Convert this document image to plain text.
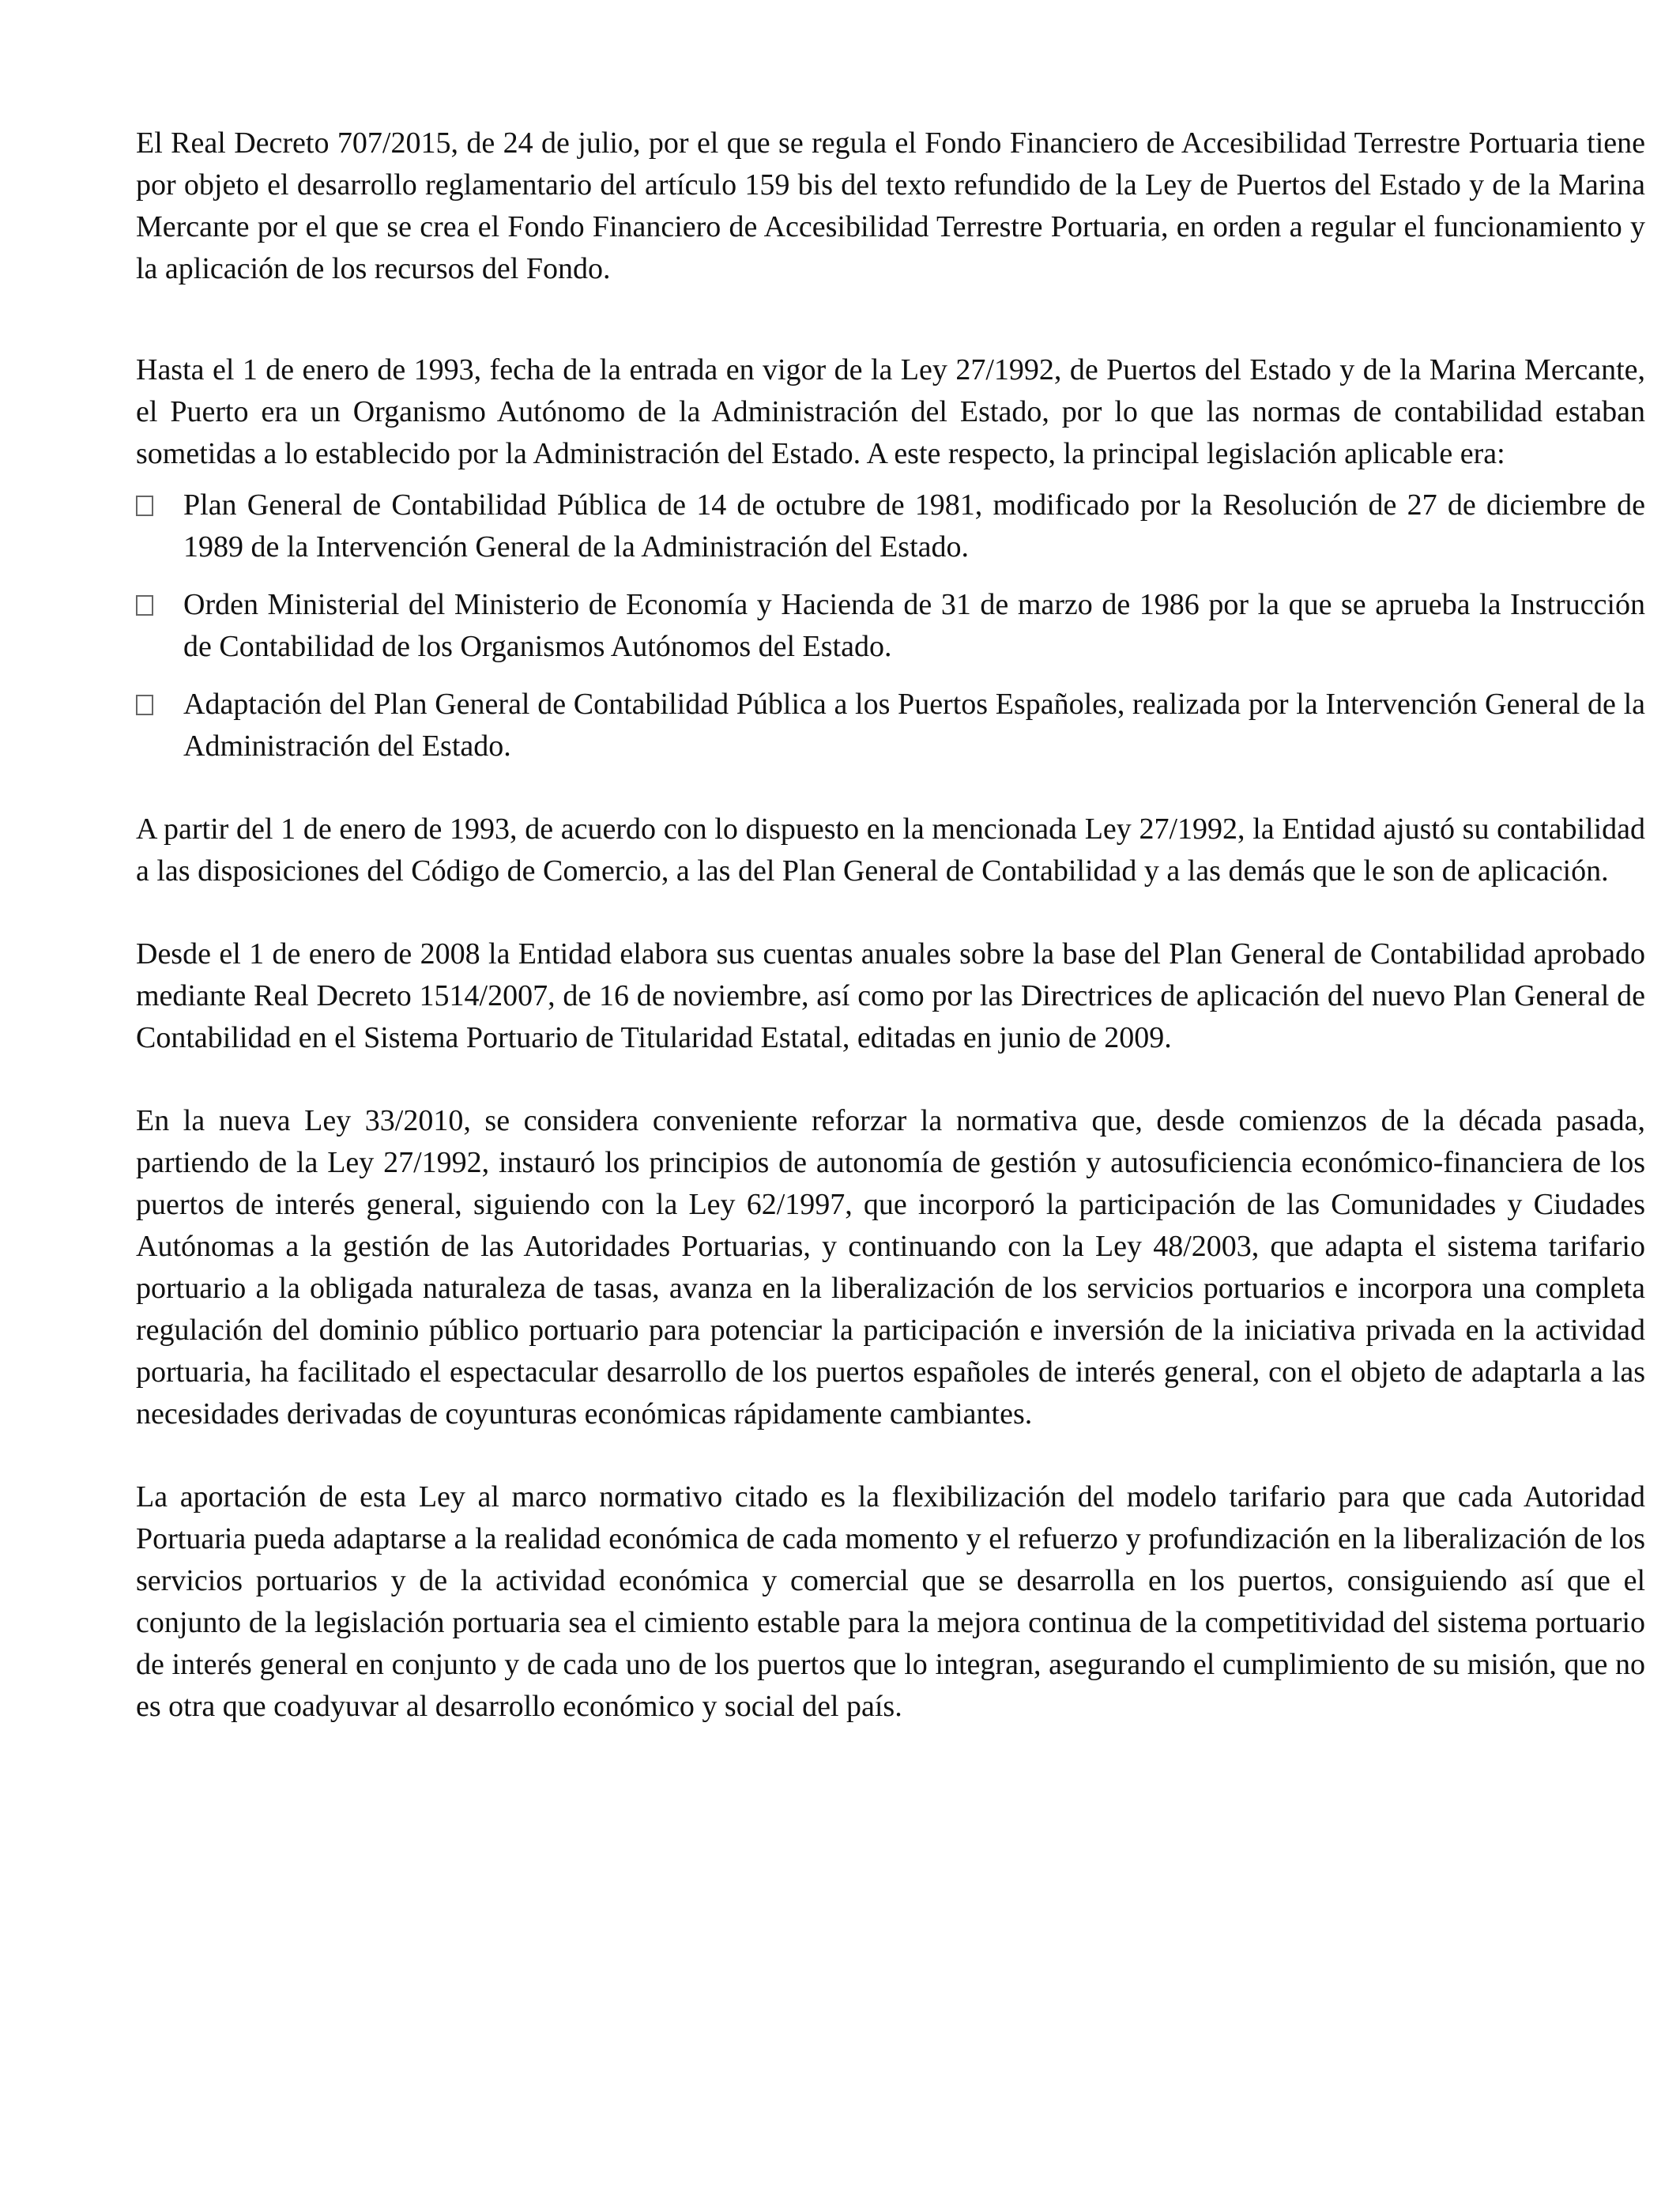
El Real Decreto 707/2015, de 24 de julio, por el que se regula el Fondo Financiero de Accesibilidad Terrestre Portuaria tiene por objeto el desarrollo reglamentario del artículo 159 bis del texto refundido de la Ley de Puertos del Estado y de la Marina Mercante por el que se crea el Fondo Financiero de Accesibilidad Terrestre Portuaria, en orden a regular el funcionamiento y la aplicación de los recursos del Fondo.

Hasta el 1 de enero de 1993, fecha de la entrada en vigor de la Ley 27/1992, de Puertos del Estado y de la Marina Mercante, el Puerto era un Organismo Autónomo de la Administración del Estado, por lo que las normas de contabilidad estaban sometidas a lo establecido por la Administración del Estado. A este respecto, la principal legislación aplicable era:

Plan General de Contabilidad Pública de 14 de octubre de 1981, modificado por la Resolución de 27 de diciembre de 1989 de la Intervención General de la Administración del Estado.
Orden Ministerial del Ministerio de Economía y Hacienda de 31 de marzo de 1986 por la que se aprueba la Instrucción de Contabilidad de los Organismos Autónomos del Estado.
Adaptación del Plan General de Contabilidad Pública a los Puertos Españoles, realizada por la Intervención General de la Administración del Estado.

A partir del 1 de enero de 1993, de acuerdo con lo dispuesto en la mencionada Ley 27/1992, la Entidad ajustó su contabilidad a las disposiciones del Código de Comercio, a las del Plan General de Contabilidad y a las demás que le son de aplicación.

Desde el 1 de enero de 2008 la Entidad elabora sus cuentas anuales sobre la base del Plan General de Contabilidad aprobado mediante Real Decreto 1514/2007, de 16 de noviembre, así como por las Directrices de aplicación del nuevo Plan General de Contabilidad en el Sistema Portuario de Titularidad Estatal, editadas en junio de 2009.

En la nueva Ley 33/2010, se considera conveniente reforzar la normativa que, desde comienzos de la década pasada, partiendo de la Ley 27/1992, instauró los principios de autonomía de gestión y autosuficiencia económico-financiera de los puertos de interés general, siguiendo con la Ley 62/1997, que incorporó la participación de las Comunidades y Ciudades Autónomas a la gestión de las Autoridades Portuarias, y continuando con la Ley 48/2003, que adapta el sistema tarifario portuario a la obligada naturaleza de tasas, avanza en la liberalización de los servicios portuarios e incorpora una completa regulación del dominio público portuario para potenciar la participación e inversión de la iniciativa privada en la actividad portuaria, ha facilitado el espectacular desarrollo de los puertos españoles de interés general, con el objeto de adaptarla a las necesidades derivadas de coyunturas económicas rápidamente cambiantes.

La aportación de esta Ley al marco normativo citado es la flexibilización del modelo tarifario para que cada Autoridad Portuaria pueda adaptarse a la realidad económica de cada momento y el refuerzo y profundización en la liberalización de los servicios portuarios y de la actividad económica y comercial que se desarrolla en los puertos, consiguiendo así que el conjunto de la legislación portuaria sea el cimiento estable para la mejora continua de la competitividad del sistema portuario de interés general en conjunto y de cada uno de los puertos que lo integran, asegurando el cumplimiento de su misión, que no es otra que coadyuvar al desarrollo económico y social del país.
